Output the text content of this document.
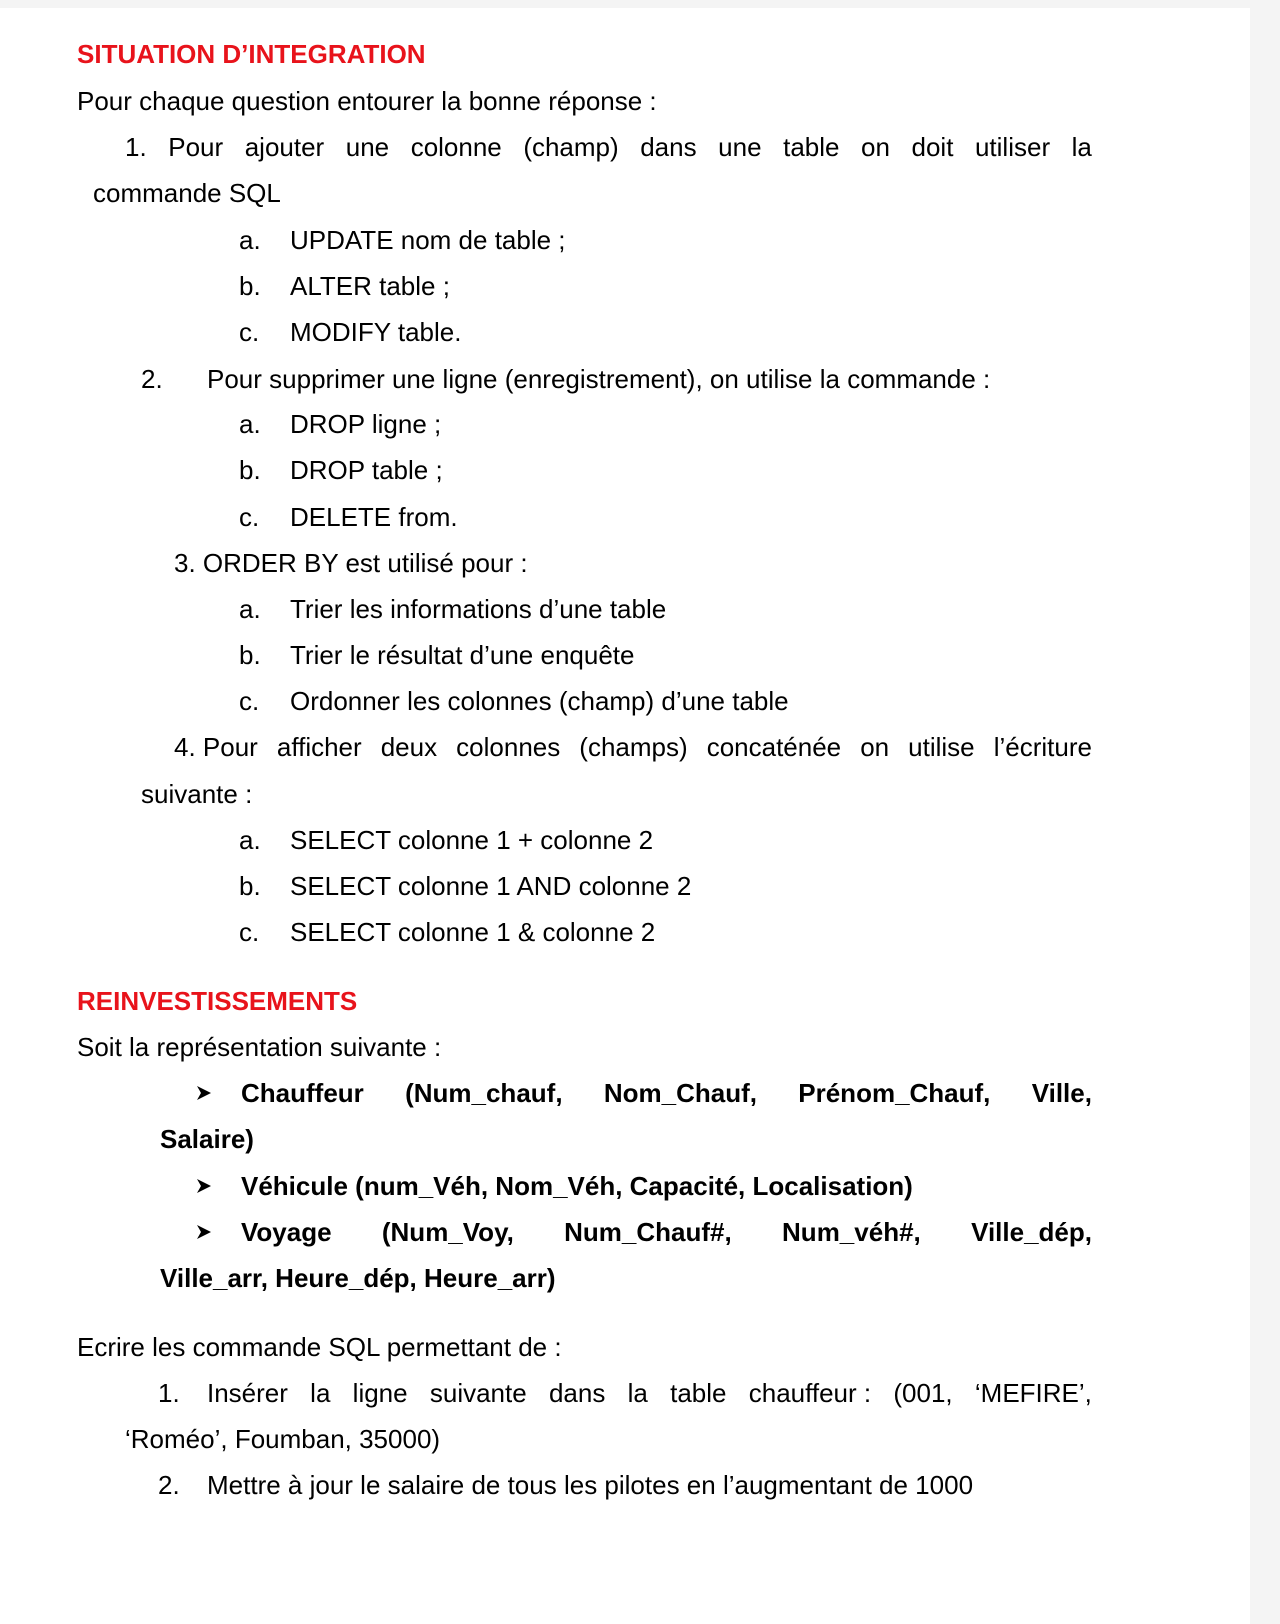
SITUATION D’INTEGRATION
Pour chaque question entourer la bonne réponse :
1. Pour ajouter une colonne (champ) dans une table on doit utiliser la
commande SQL
a. UPDATE nom de table ;
b. ALTER table ;
c. MODIFY table.
2. Pour supprimer une ligne (enregistrement), on utilise la commande :
a. DROP ligne ;
b. DROP table ;
c. DELETE from.
3. ORDER BY est utilisé pour :
a. Trier les informations d’une table
b. Trier le résultat d’une enquête
c. Ordonner les colonnes (champ) d’une table
4. Pour afficher deux colonnes (champs) concaténée on utilise l’écriture
suivante :
a. SELECT colonne 1 + colonne 2
b. SELECT colonne 1 AND colonne 2
c. SELECT colonne 1 & colonne 2
REINVESTISSEMENTS
Soit la représentation suivante :
Chauffeur (Num_chauf, Nom_Chauf, Prénom_Chauf, Ville,
Salaire)
Véhicule (num_Véh, Nom_Véh, Capacité, Localisation)
Voyage (Num_Voy, Num_Chauf#, Num_véh#, Ville_dép,
Ville_arr, Heure_dép, Heure_arr)
Ecrire les commande SQL permettant de :
1. Insérer la ligne suivante dans la table chauffeur : (001, ‘MEFIRE’,
‘Roméo’, Foumban, 35000)
2. Mettre à jour le salaire de tous les pilotes en l’augmentant de 1000
